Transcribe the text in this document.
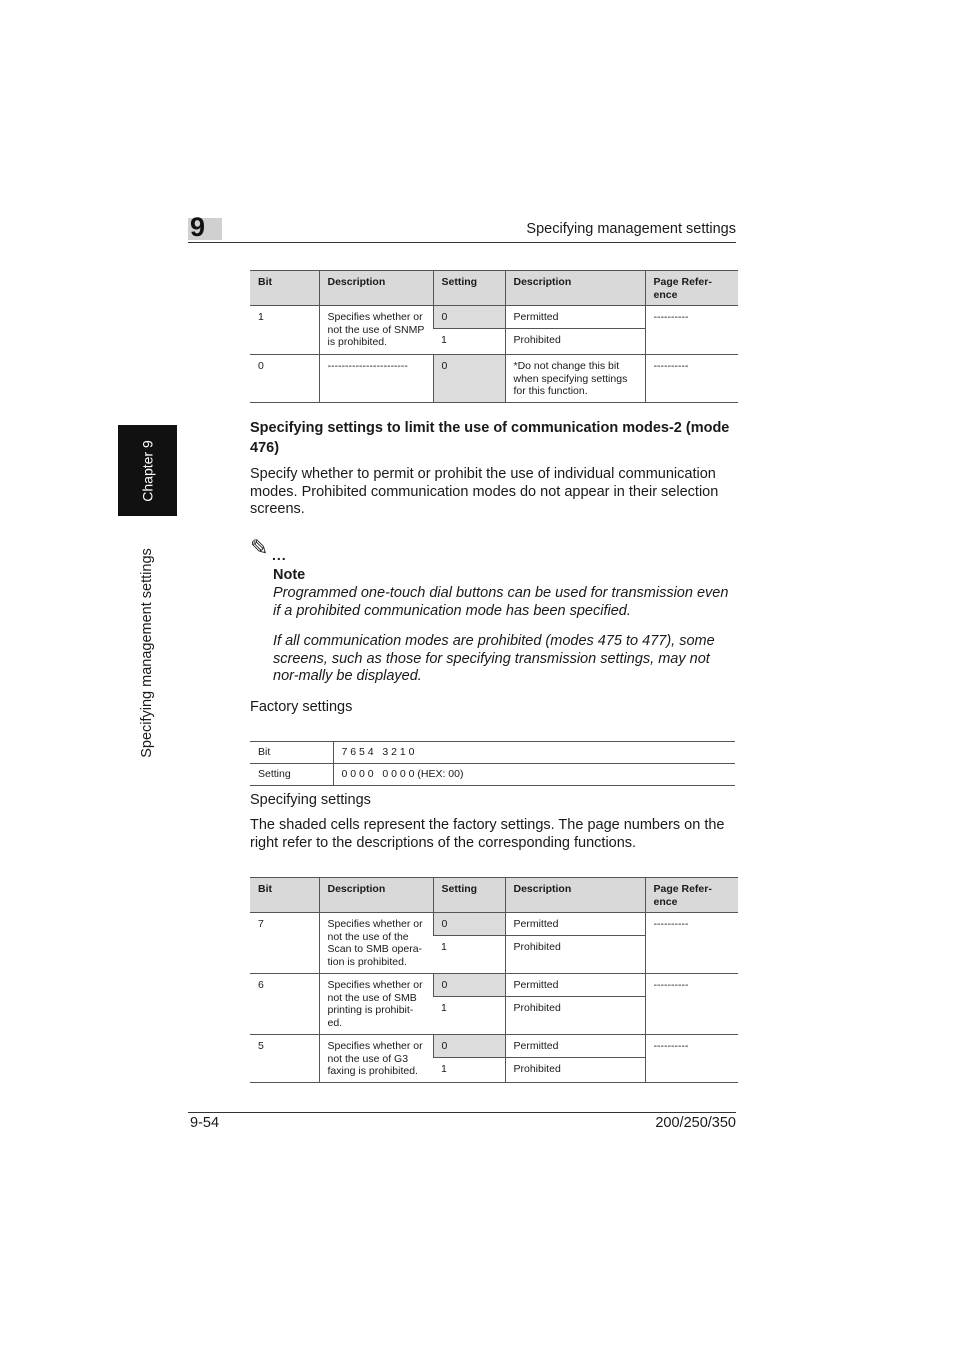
9	Specifying management settings
Chapter 9
Specifying management settings
Bit	Description	Setting	Description	Page Refer-
ence
1	Specifies whether or not the use of SNMP is prohibited.	0	Permitted	----------
		1	Prohibited	
0	-----------------------	0	*Do not change this bit when specifying settings for this function.	----------
Specifying settings to limit the use of communication modes-2 (mode 476)
Specify whether to permit or prohibit the use of individual communication modes. Prohibited communication modes do not appear in their selection screens.
✎ ...
Note
Programmed one-touch dial buttons can be used for transmission even if a prohibited communication mode has been specified.
If all communication modes are prohibited (modes 475 to 477), some screens, such as those for specifying transmission settings, may not nor-mally be displayed.
Factory settings
Bit	7 6 5 4   3 2 1 0
Setting	0 0 0 0   0 0 0 0 (HEX: 00)
Specifying settings
The shaded cells represent the factory settings. The page numbers on the right refer to the descriptions of the corresponding functions.
Bit	Description	Setting	Description	Page Refer-
ence
7	Specifies whether or not the use of the Scan to SMB opera-tion is prohibited.	0	Permitted	----------
		1	Prohibited	
6	Specifies whether or not the use of SMB printing is prohibit-ed.	0	Permitted	----------
		1	Prohibited	
5	Specifies whether or not the use of G3 faxing is prohibited.	0	Permitted	----------
		1	Prohibited	
9-54	200/250/350
